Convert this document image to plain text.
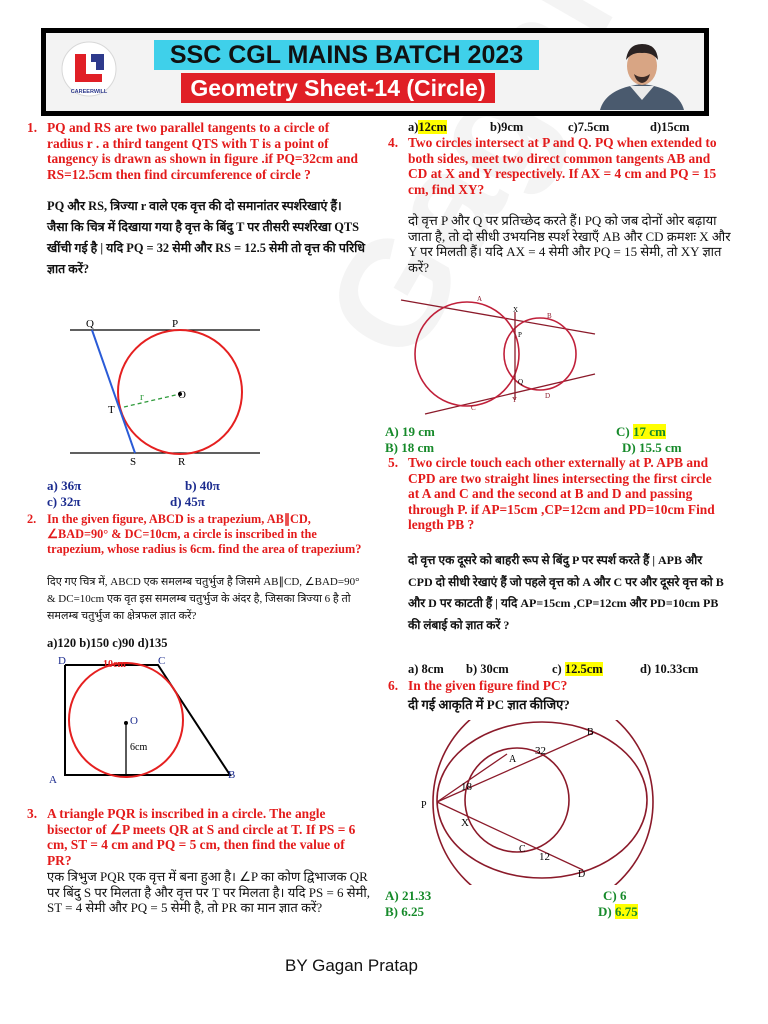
CAREERWILL
SSC CGL MAINS BATCH 2023
Geometry Sheet-14 (Circle)
1. PQ and RS are two parallel tangents to a circle of radius r . a third tangent QTS with T is a point of tangency is drawn as shown in figure .if PQ=32cm and RS=12.5cm then find circumference of circle ?
PQ और RS, त्रिज्या r वाले एक वृत्त की दो समानांतर स्पर्शरेखाएं हैं। जैसा कि चित्र में दिखाया गया है वृत्त के बिंदु T पर तीसरी स्पर्शरेखा QTS खींची गई है | यदि PQ = 32 सेमी और RS = 12.5 सेमी तो वृत्त की परिधि ज्ञात करें?
Q	P
S	R
T
O
r
a) 36π	b) 40π
c) 32π	d) 45π
2. In the given figure, ABCD is a trapezium, AB∥CD, ∠BAD=90° & DC=10cm, a circle is inscribed in the trapezium, whose radius is 6cm. find the area of trapezium?
दिए गए चित्र में, ABCD एक समलम्ब चतुर्भुज है जिसमे AB∥CD, ∠BAD=90° & DC=10cm एक वृत इस समलम्ब चतुर्भुज के अंदर है, जिसका त्रिज्या 6 है तो समलम्ब चतुर्भुज का क्षेत्रफल ज्ञात करें?
a)120 b)150 c)90 d)135
D	C
A	B
O
10cm
6cm
3. A triangle PQR is inscribed in a circle. The angle bisector of ∠P meets QR at S and circle at T. If PS = 6 cm, ST = 4 cm and PQ = 5 cm, then find the value of PR?
एक त्रिभुज PQR एक वृत्त में बना हुआ है। ∠P का कोण द्विभाजक QR पर बिंदु S पर मिलता है और वृत्त पर T पर मिलता है। यदि PS = 6 सेमी, ST = 4 सेमी और PQ = 5 सेमी है, तो PR का मान ज्ञात करें?
a)12cm	b)9cm	c)7.5cm	d)15cm
4. Two circles intersect at P and Q. PQ when extended to both sides, meet two direct common tangents AB and CD at X and Y respectively. If AX = 4 cm and PQ = 15 cm, find XY?
दो वृत्त P और Q पर प्रतिच्छेद करते हैं। PQ को जब दोनों ओर बढ़ाया जाता है, तो दो सीधी उभयनिष्ठ स्पर्श रेखाएँ AB और CD क्रमशः X और Y पर मिलती हैं। यदि AX = 4 सेमी और PQ = 15 सेमी, तो XY ज्ञात करें?
A
X
B
P
Q
C
Y	D
A) 19 cm
B) 18 cm
C) 17 cm
D) 15.5 cm
5. Two circle touch each other externally at P. APB and CPD are two straight lines intersecting the first circle at A and C and the second at B and D and passing through P. if AP=15cm ,CP=12cm and PD=10cm Find length PB ?
दो वृत्त एक दूसरे को बाहरी रूप से बिंदु P पर स्पर्श करते हैं | APB और CPD दो सीधी रेखाएं हैं जो पहले वृत्त को A और C पर और दूसरे वृत्त को B और D पर काटती हैं | यदि AP=15cm ,CP=12cm और PD=10cm PB की लंबाई को ज्ञात करें ?
a) 8cm b) 30cm	c) 12.5cm	d) 10.33cm
6. In the given figure find PC?
दी गई आकृति में PC ज्ञात कीजिए?
B
A
P
X
C
D
32
18
12
A) 21.33
B) 6.25
C) 6
D) 6.75
BY Gagan Pratap
